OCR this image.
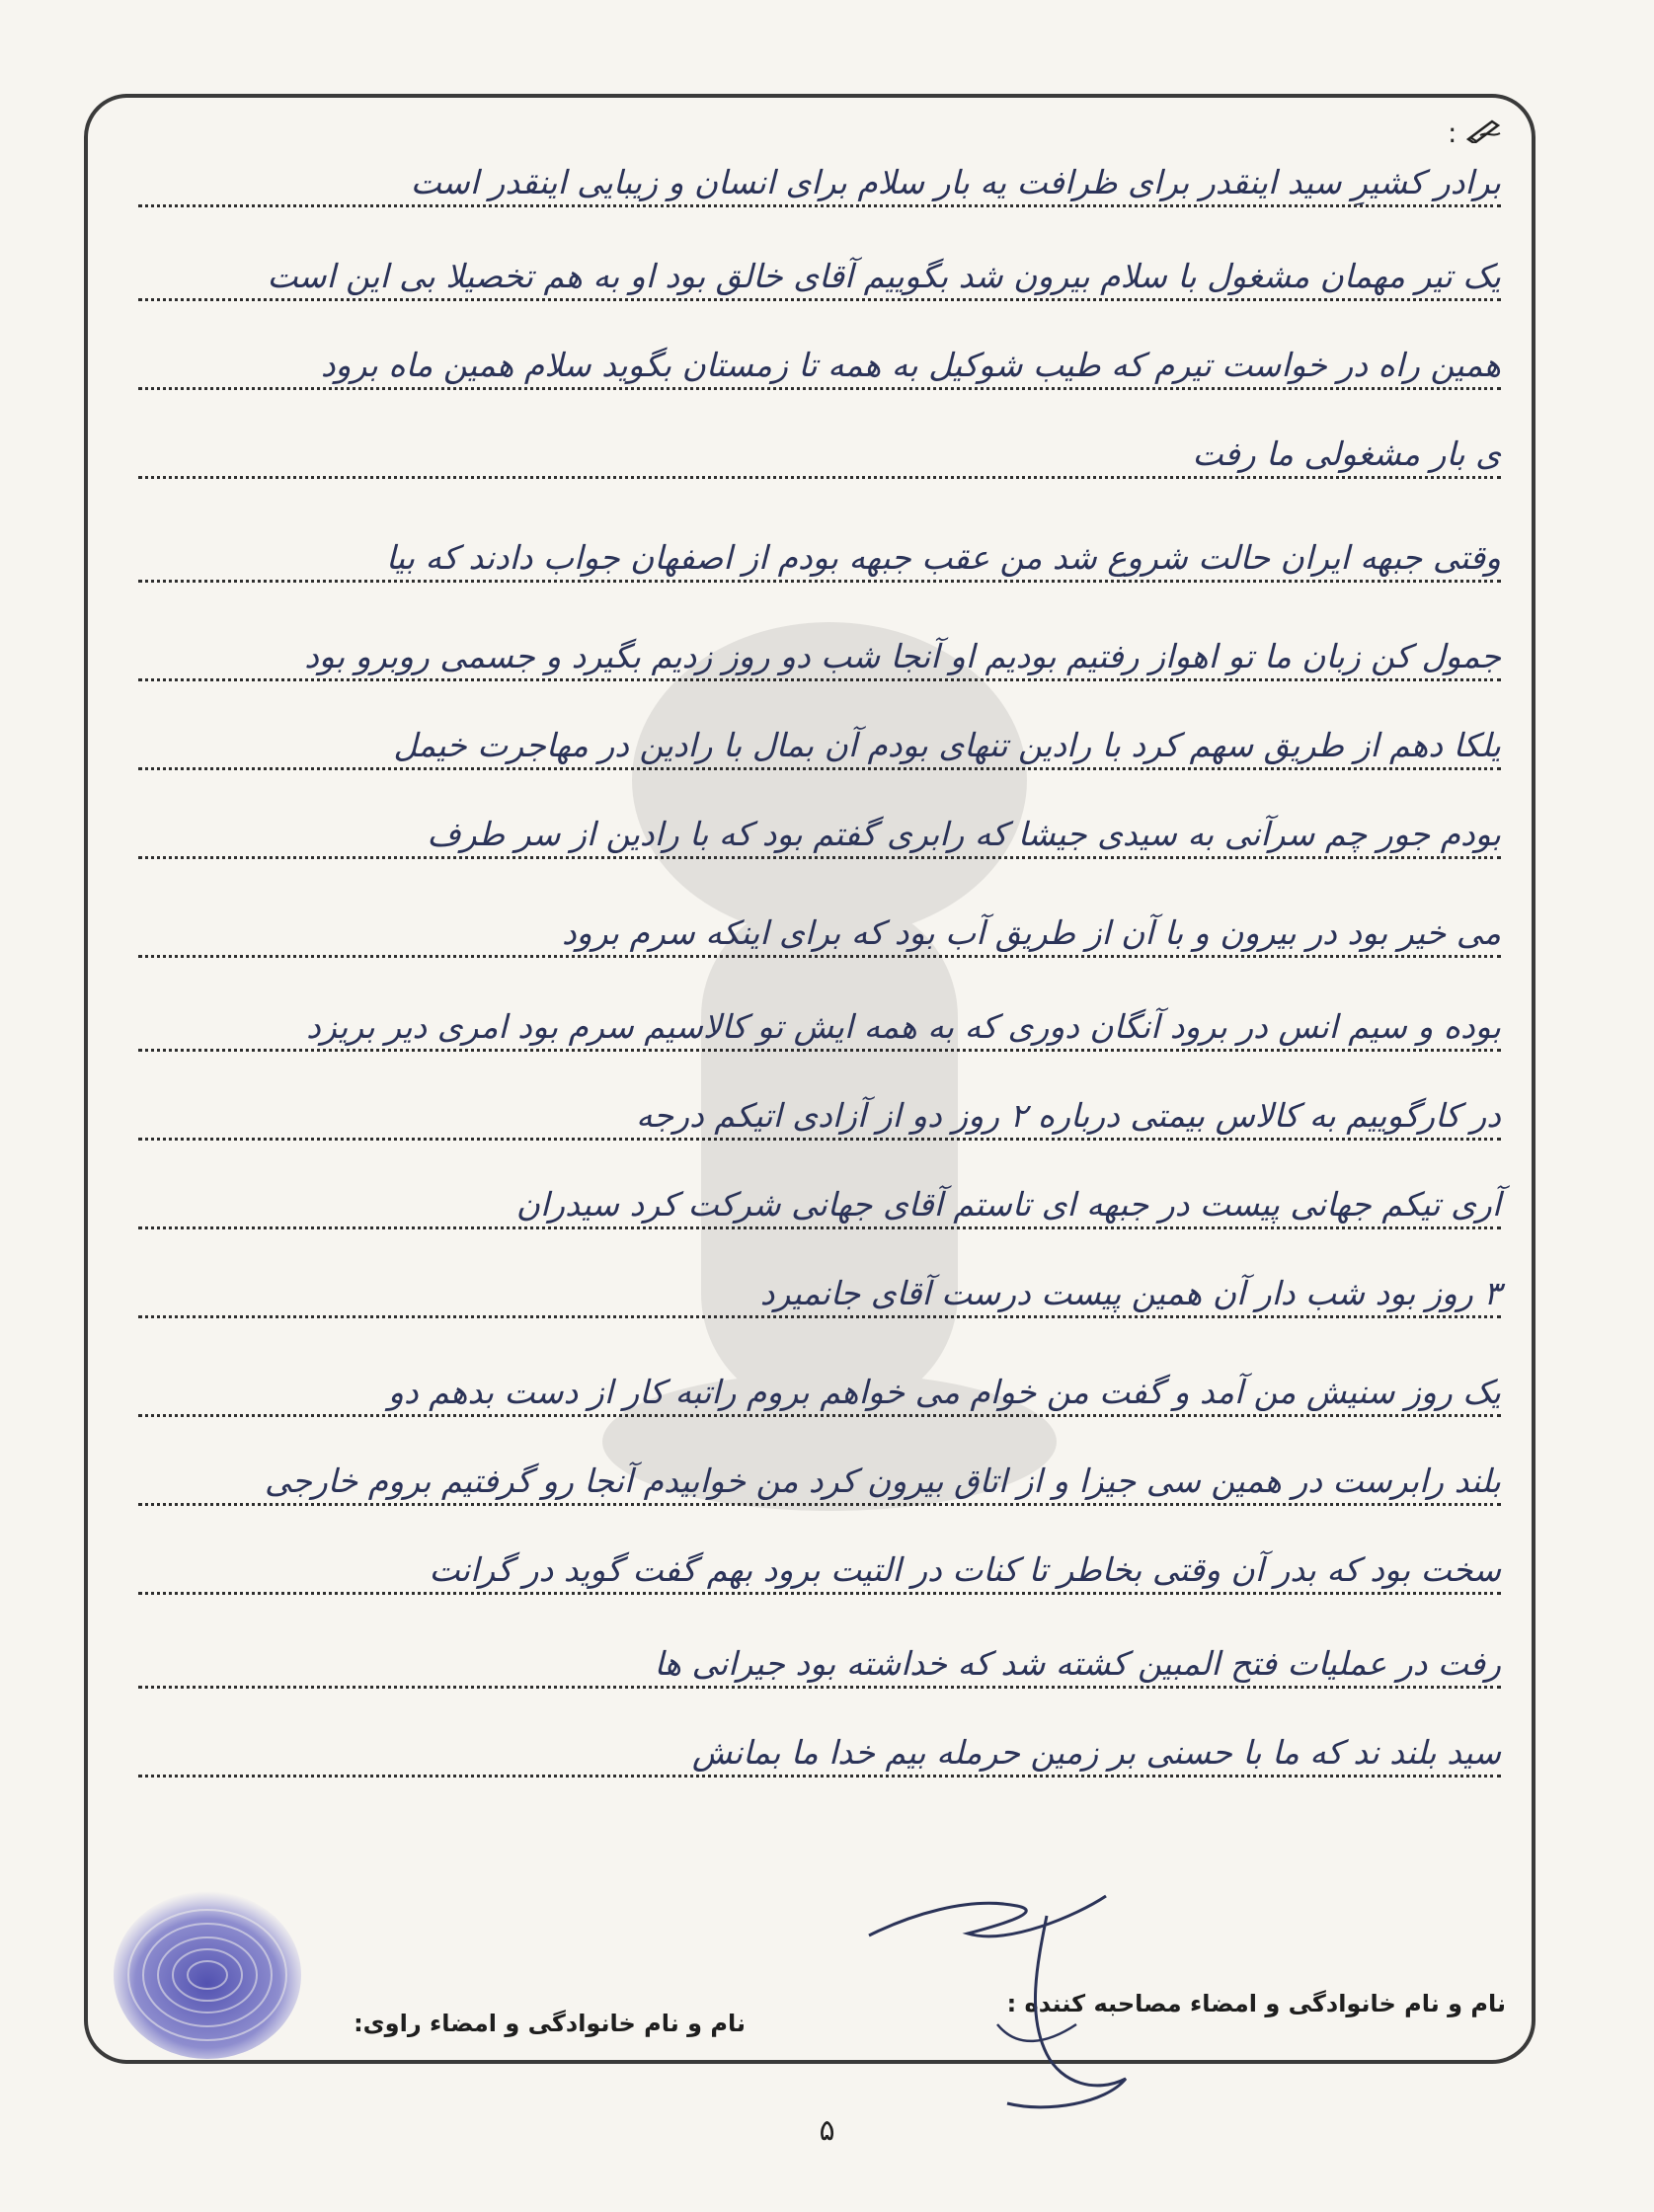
:
برادر کشیرِ سید اینقدر برای ظرافت یه بار سلام برای انسان و زیبایی اینقدر است
یک تیر مهمان مشغول با سلام بیرون شد بگوییم آقای خالق بود او به هم تخصیلا بی این است
همین راه در خواست تیرم که طیب شوکیل به همه تا زمستان بگوید سلام همین ماه برود
ی بار مشغولی ما رفت
وقتی جبهه ایران حالت شروع شد من عقب جبهه بودم از اصفهان جواب دادند که بیا
جمول کن زبان ما تو اهواز رفتیم بودیم او آنجا شب دو روز زدیم بگیرد و جسمی روبرو بود
یلکا دهم از طریق سهم کرد با رادین تنهای بودم آن بمال با رادین در مهاجرت خیمل
بودم جور چم سرآنی به سیدی جیشا که رابری گفتم بود که با رادین از سر طرف
می خیر بود در بیرون و با آن از طریق آب بود که برای اینکه سرم برود
بوده و سیم انس در برود آنگان دوری که به همه ایش تو کالاسیم سرم بود امری دیر بریزد
در کارگوییم به کالاس بیمتی درباره ۲ روز دو از آزادی اتیکم درجه
آری تیکم جهانی پیست در جبهه ای تاستم آقای جهانی شرکت کرد سیدران
۳ روز بود شب دار آن همین پیست درست آقای جانمیرد
یک روز سنیش من آمد و گفت من خوام می خواهم بروم راتبه کار از دست بدهم دو
بلند رابرست در همین سی جیزا و از اتاق بیرون کرد من خوابیدم آنجا رو گرفتیم بروم خارجی
سخت بود که بدر آن وقتی بخاطر تا کنات در التیت برود بهم گفت گوید در گرانت
رفت در عملیات فتح المبین کشته شد که خداشته بود جیرانی ها
سید بلند ند که ما با حسنی بر زمین حرمله بیم خدا ما بمانش
نام و نام خانوادگی و امضاء مصاحبه کننده :
نام و نام خانوادگی و امضاء راوی:
۵
